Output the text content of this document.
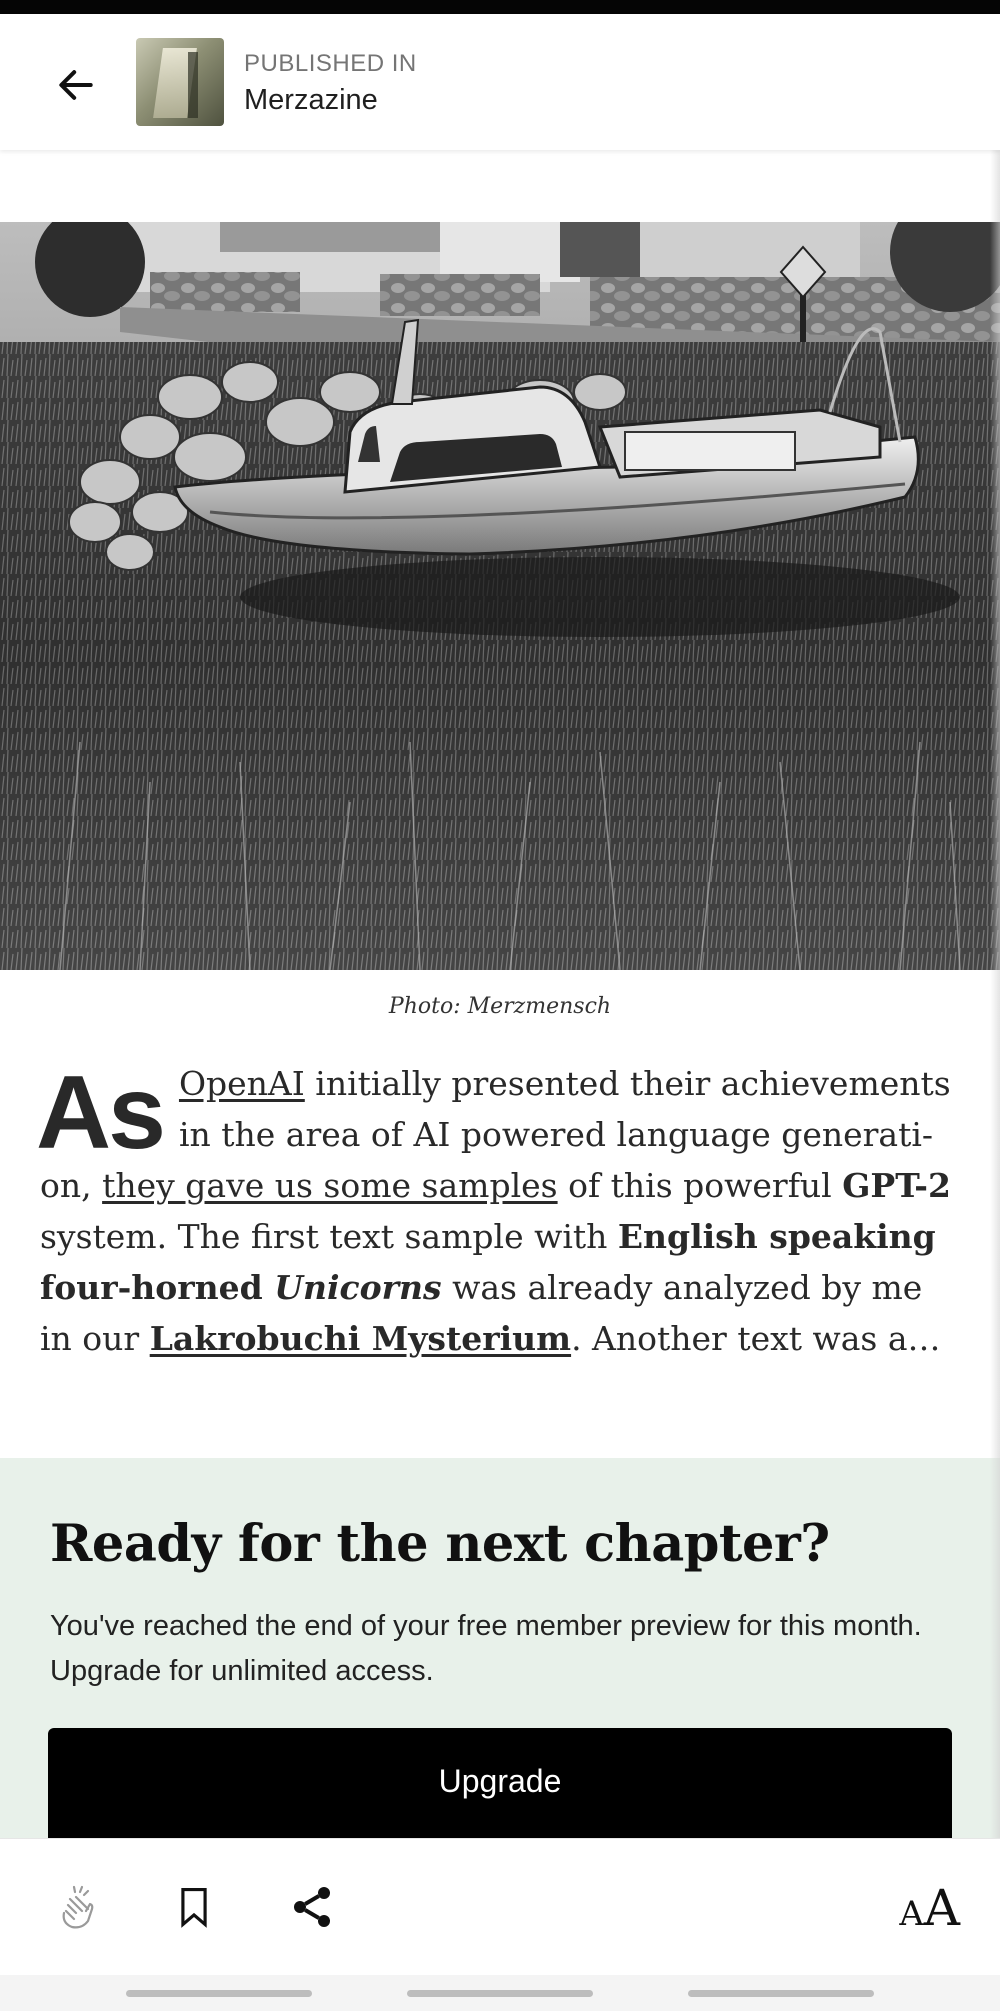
PUBLISHED IN
Merzazine
Photo: Merzmensch
As OpenAI initially presented their achievements in the area of AI powered language generati-on, they gave us some samples of this powerful GPT-2 system. The first text sample with English speaking four-horned Unicorns was already analyzed by me in our Lakrobuchi Mysterium. Another text was a…
Ready for the next chapter?
You've reached the end of your free member preview for this month. Upgrade for unlimited access.
Upgrade
AA
